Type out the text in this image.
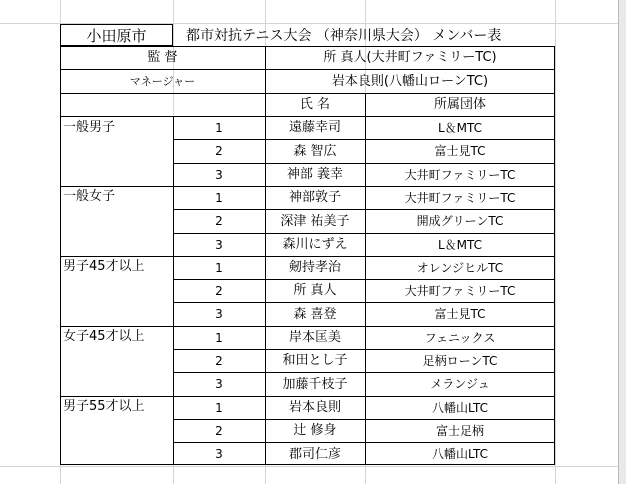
小田原市	都市対抗テニス大会 （神奈川県大会） メンバー表
監 督	所 真人(大井町ファミリーTC)
マネージャー	岩本良則(八幡山ローンTC)
氏 名	所属団体
一般男子	1	遠藤幸司	L＆MTC
2	森 智広	富士見TC
3	神部 義幸	大井町ファミリーTC
一般女子	1	神部敦子	大井町ファミリーTC
2	深津 祐美子	開成グリーンTC
3	森川にずえ	L＆MTC
男子45才以上	1	剱持孝治	オレンジヒルTC
2	所 真人	大井町ファミリーTC
3	森 喜登	富士見TC
女子45才以上	1	岸本匡美	フェニックス
2	和田とし子	足柄ローンTC
3	加藤千枝子	メランジュ
男子55才以上	1	岩本良則	八幡山LTC
2	辻 修身	富士足柄
3	郡司仁彦	八幡山LTC
